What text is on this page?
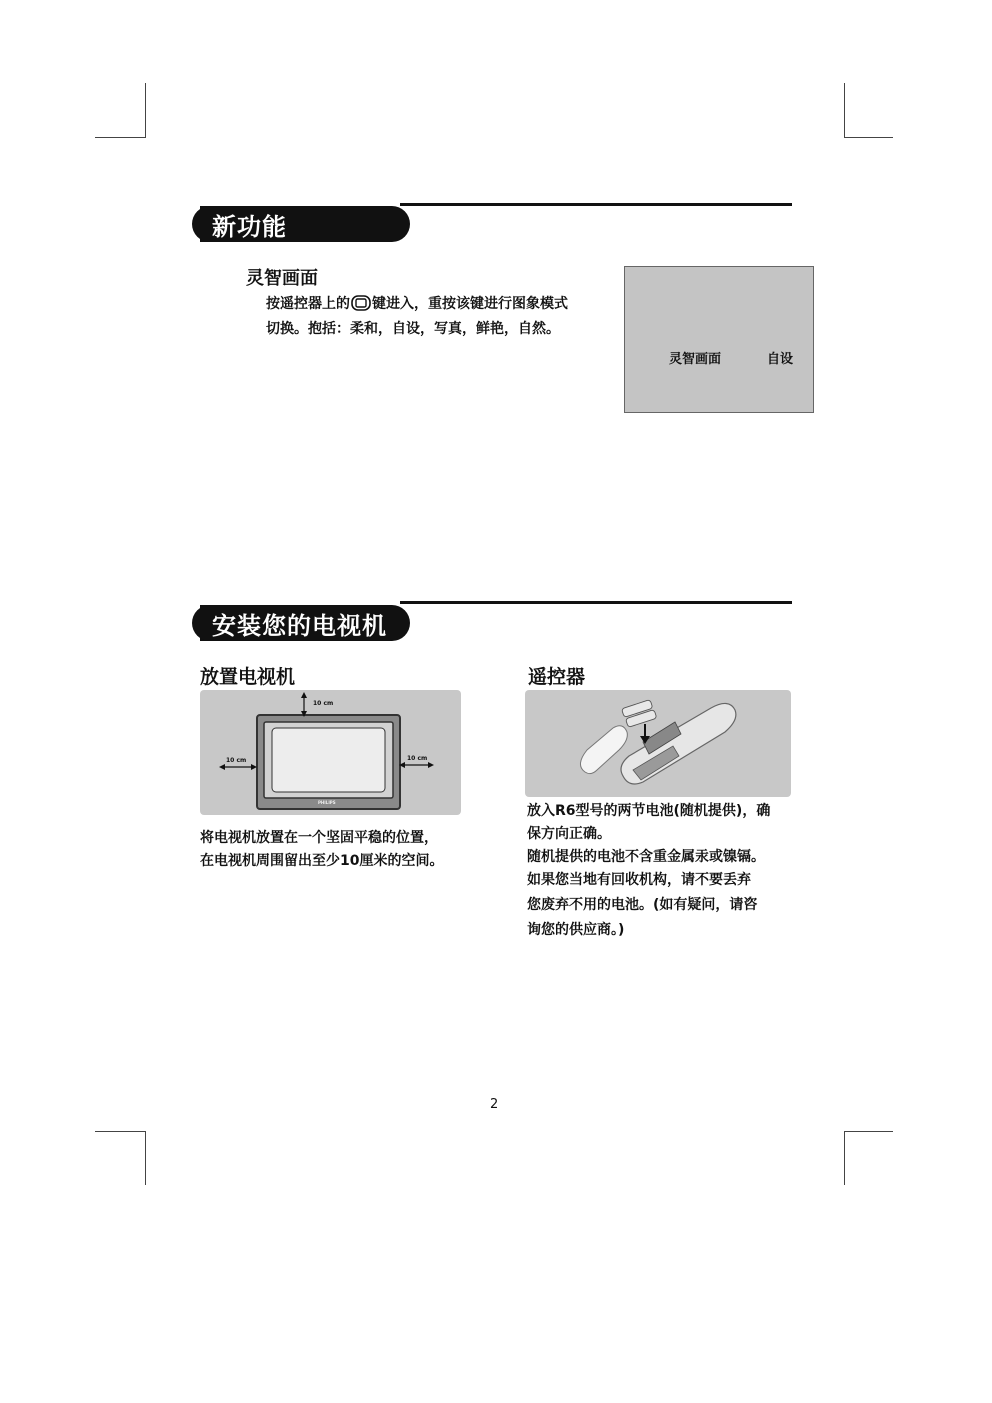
新功能
灵智画面
按遥控器上的 键进入，重按该键进行图象模式
切换。抱括：柔和，自设，写真，鲜艳，自然。
灵智画面	自设
安装您的电视机
放置电视机
10 cm
10 cm	10 cm
PHILIPS
将电视机放置在一个坚固平稳的位置，
在电视机周围留出至少10厘米的空间。
遥控器
放入R6型号的两节电池(随机提供)，确
保方向正确。
随机提供的电池不含重金属汞或镍镉。
如果您当地有回收机构，请不要丢弃
您废弃不用的电池。(如有疑问，请咨
询您的供应商。)
2
